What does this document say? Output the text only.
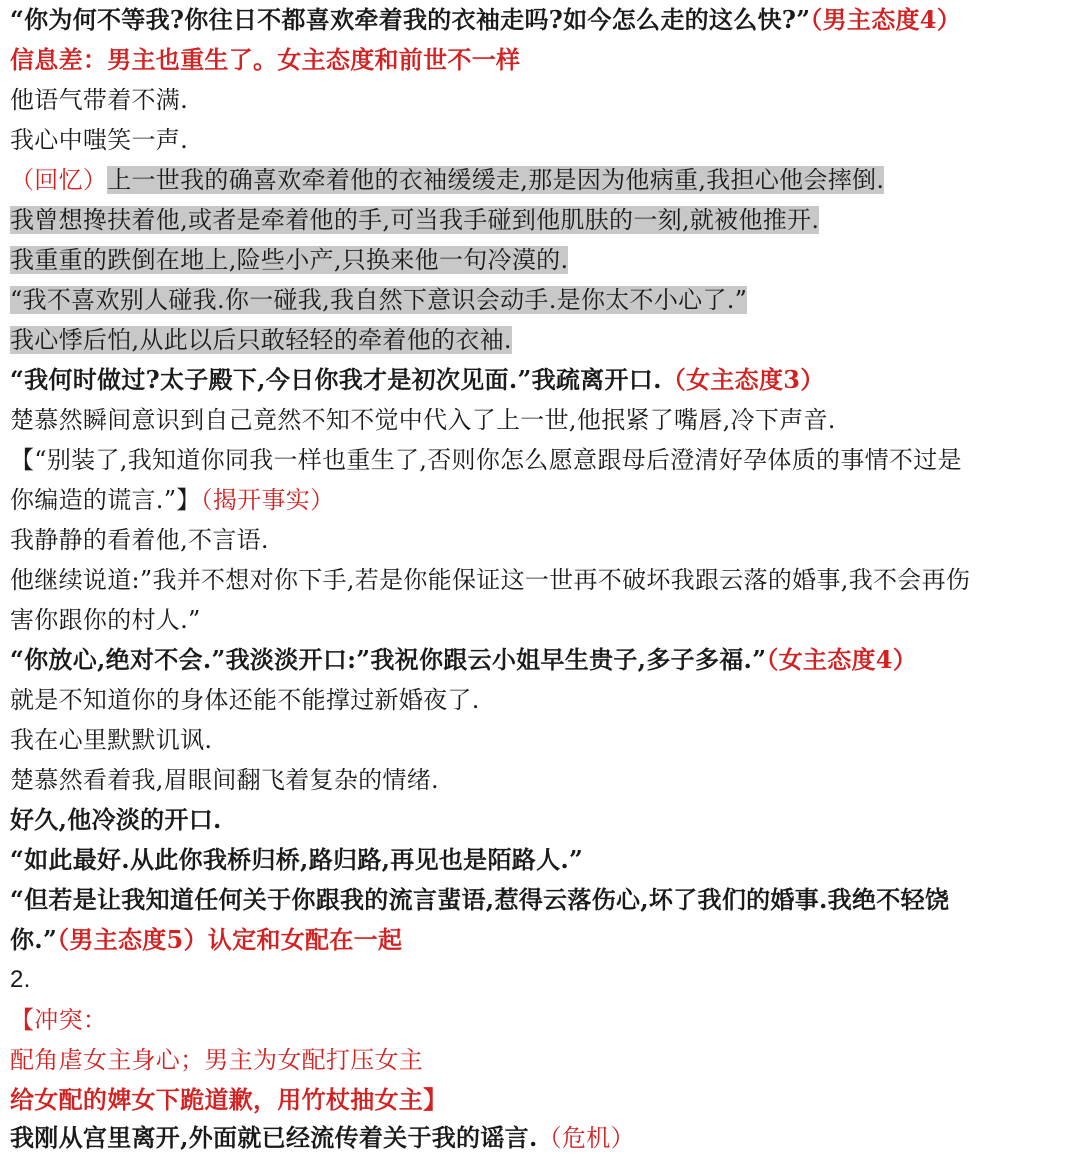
“你为何不等我?你往日不都喜欢牵着我的衣袖走吗?如今怎么走的这么快?”（男主态度4）
信息差：男主也重生了。女主态度和前世不一样
他语气带着不满.
我心中嗤笑一声.
（回忆）上一世我的确喜欢牵着他的衣袖缓缓走,那是因为他病重,我担心他会摔倒.
我曾想搀扶着他,或者是牵着他的手,可当我手碰到他肌肤的一刻,就被他推开.
我重重的跌倒在地上,险些小产,只换来他一句冷漠的.
“我不喜欢别人碰我.你一碰我,我自然下意识会动手.是你太不小心了.”
我心悸后怕,从此以后只敢轻轻的牵着他的衣袖.
“我何时做过?太子殿下,今日你我才是初次见面.”我疏离开口.（女主态度3）
楚慕然瞬间意识到自己竟然不知不觉中代入了上一世,他抿紧了嘴唇,冷下声音.
【“别装了,我知道你同我一样也重生了,否则你怎么愿意跟母后澄清好孕体质的事情不过是
你编造的谎言.”】（揭开事实）
我静静的看着他,不言语.
他继续说道:”我并不想对你下手,若是你能保证这一世再不破坏我跟云落的婚事,我不会再伤
害你跟你的村人.”
“你放心,绝对不会.”我淡淡开口:”我祝你跟云小姐早生贵子,多子多福.”（女主态度4）
就是不知道你的身体还能不能撑过新婚夜了.
我在心里默默讥讽.
楚慕然看着我,眉眼间翻飞着复杂的情绪.
好久,他冷淡的开口.
“如此最好.从此你我桥归桥,路归路,再见也是陌路人.”
“但若是让我知道任何关于你跟我的流言蜚语,惹得云落伤心,坏了我们的婚事.我绝不轻饶
你.”（男主态度5）认定和女配在一起
2.
【冲突：
配角虐女主身心；男主为女配打压女主
给女配的婢女下跪道歉，用竹杖抽女主】
我刚从宫里离开,外面就已经流传着关于我的谣言.（危机）
